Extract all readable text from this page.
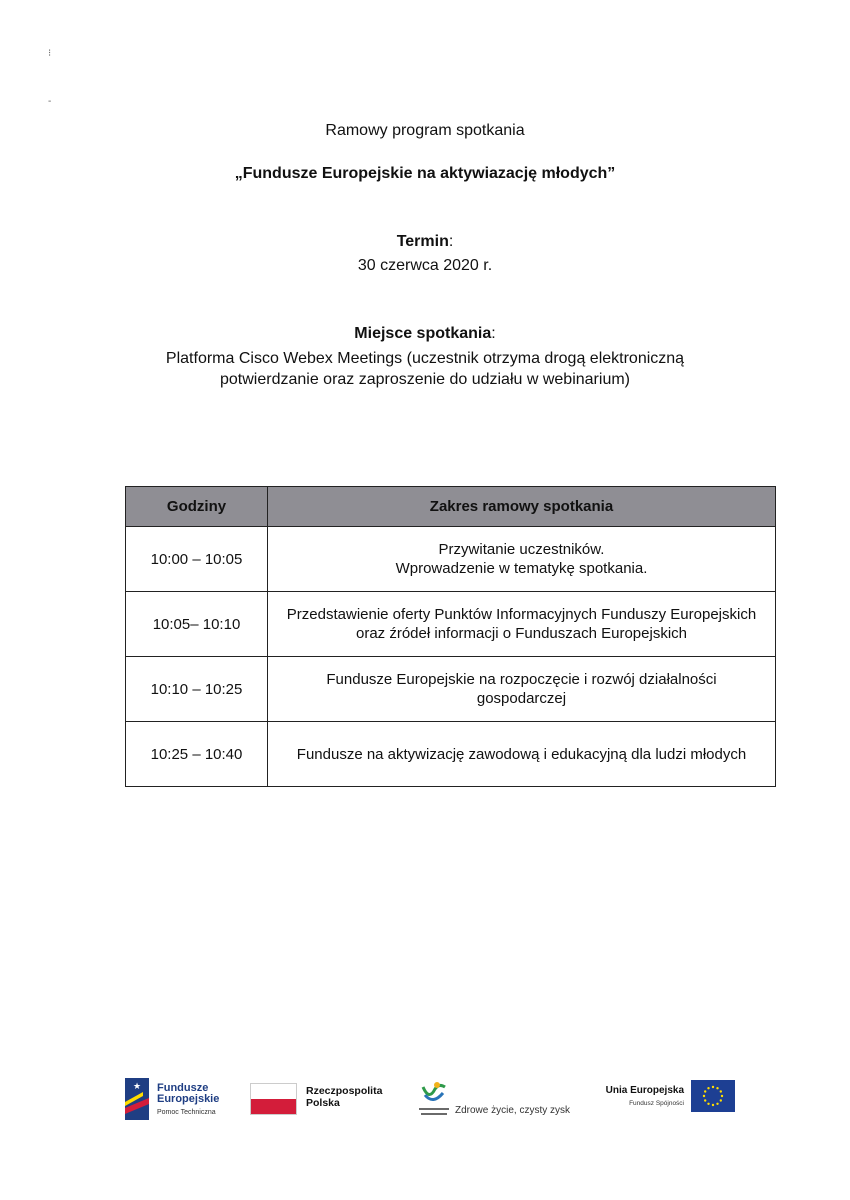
⁝
-
Ramowy program spotkania
„Fundusze Europejskie na aktywiazację młodych”
Termin:
30 czerwca 2020 r.
Miejsce spotkania:
Platforma Cisco Webex Meetings (uczestnik otrzyma drogą elektroniczną
potwierdzanie oraz zaproszenie do udziału w webinarium)
Godziny	Zakres ramowy spotkania
10:00 – 10:05	Przywitanie uczestników.
Wprowadzenie w tematykę spotkania.

10:05– 10:10	Przedstawienie oferty Punktów Informacyjnych Funduszy Europejskich
oraz źródeł informacji o Funduszach Europejskich

10:10 – 10:25	Fundusze Europejskie na rozpoczęcie i rozwój działalności
gospodarczej

10:25 – 10:40	Fundusze na aktywizację zawodową i edukacyjną dla ludzi młodych
★ Fundusze
Europejskie
Pomoc Techniczna
Rzeczpospolita
Polska
Zdrowe życie, czysty zysk
Unia Europejska
Fundusz Spójności
